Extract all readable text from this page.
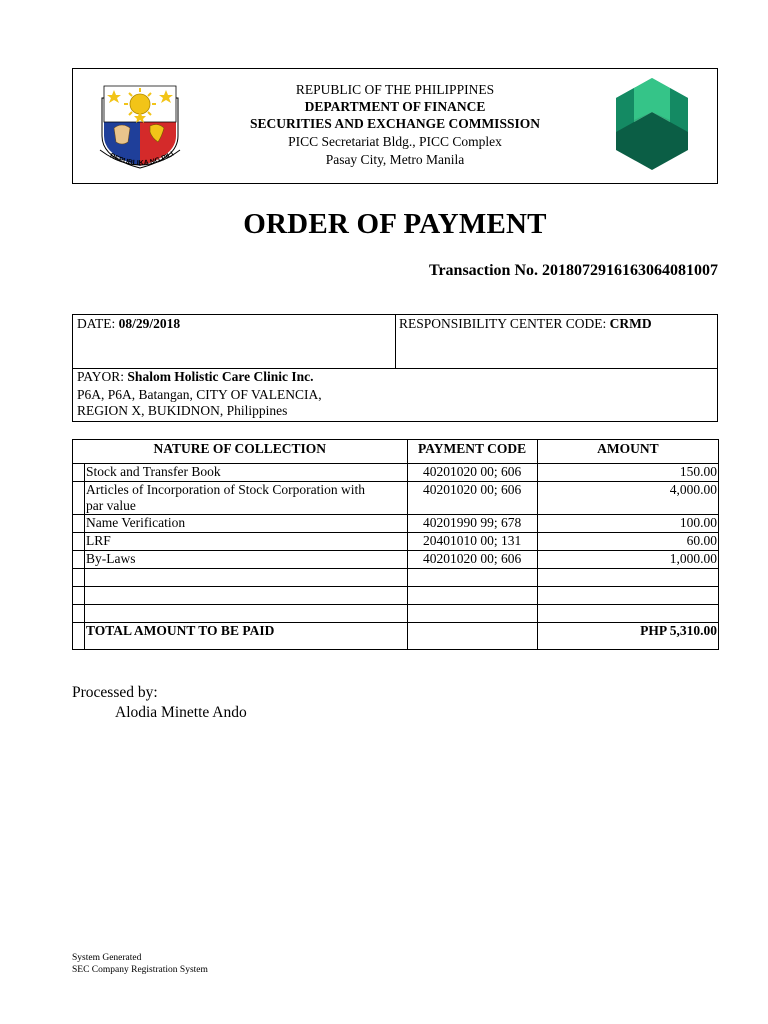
REPUBLIKA NG PILI
REPUBLIC OF THE PHILIPPINES
DEPARTMENT OF FINANCE
SECURITIES AND EXCHANGE COMMISSION
PICC Secretariat Bldg., PICC Complex
Pasay City, Metro Manila
ORDER OF PAYMENT
Transaction No. 2018072916163064081007
DATE: 08/29/2018	RESPONSIBILITY CENTER CODE: CRMD
PAYOR: Shalom Holistic Care Clinic Inc.
P6A, P6A, Batangan, CITY OF VALENCIA,
REGION X, BUKIDNON, Philippines
NATURE OF COLLECTION		PAYMENT CODE	AMOUNT
	Stock and Transfer Book	40201020 00; 606	150.00

	Articles of Incorporation of Stock Corporation with
par value	40201020 00; 606	4,000.00
	Name Verification	40201990 99; 678	100.00
	LRF	20401010 00; 131	60.00
	By-Laws	40201020 00; 606	1,000.00

	TOTAL AMOUNT TO BE PAID		PHP 5,310.00
Processed by:
Alodia Minette Ando
System Generated
SEC Company Registration System
